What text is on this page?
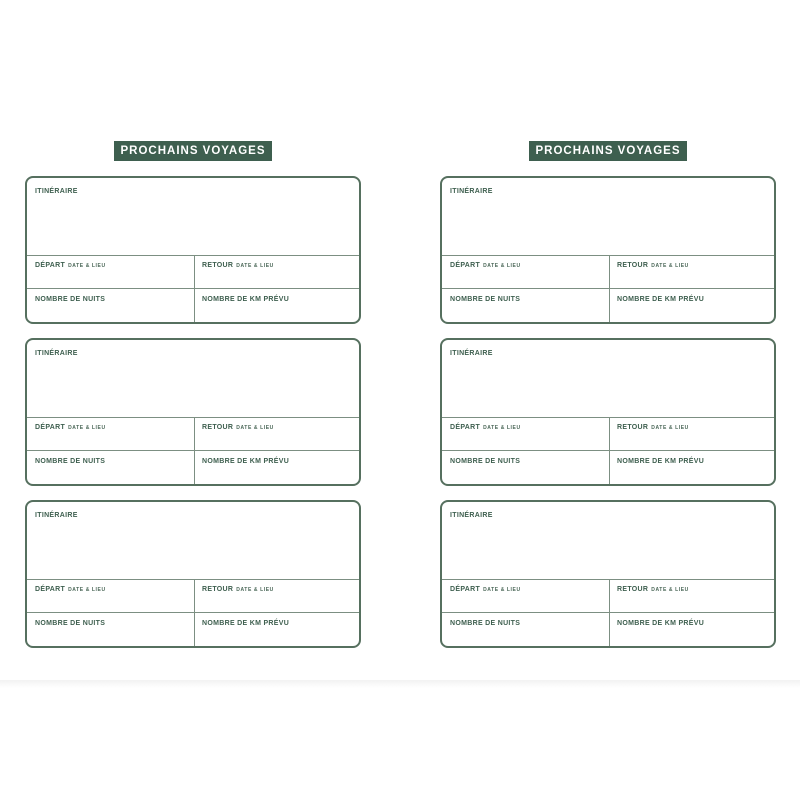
PROCHAINS VOYAGES
ITINÉRAIRE
DÉPART DATE & LIEU	RETOUR DATE & LIEU
NOMBRE DE NUITS	NOMBRE DE KM PRÉVU
ITINÉRAIRE
DÉPART DATE & LIEU	RETOUR DATE & LIEU
NOMBRE DE NUITS	NOMBRE DE KM PRÉVU
ITINÉRAIRE
DÉPART DATE & LIEU	RETOUR DATE & LIEU
NOMBRE DE NUITS	NOMBRE DE KM PRÉVU
PROCHAINS VOYAGES
ITINÉRAIRE
DÉPART DATE & LIEU	RETOUR DATE & LIEU
NOMBRE DE NUITS	NOMBRE DE KM PRÉVU
ITINÉRAIRE
DÉPART DATE & LIEU	RETOUR DATE & LIEU
NOMBRE DE NUITS	NOMBRE DE KM PRÉVU
ITINÉRAIRE
DÉPART DATE & LIEU	RETOUR DATE & LIEU
NOMBRE DE NUITS	NOMBRE DE KM PRÉVU
